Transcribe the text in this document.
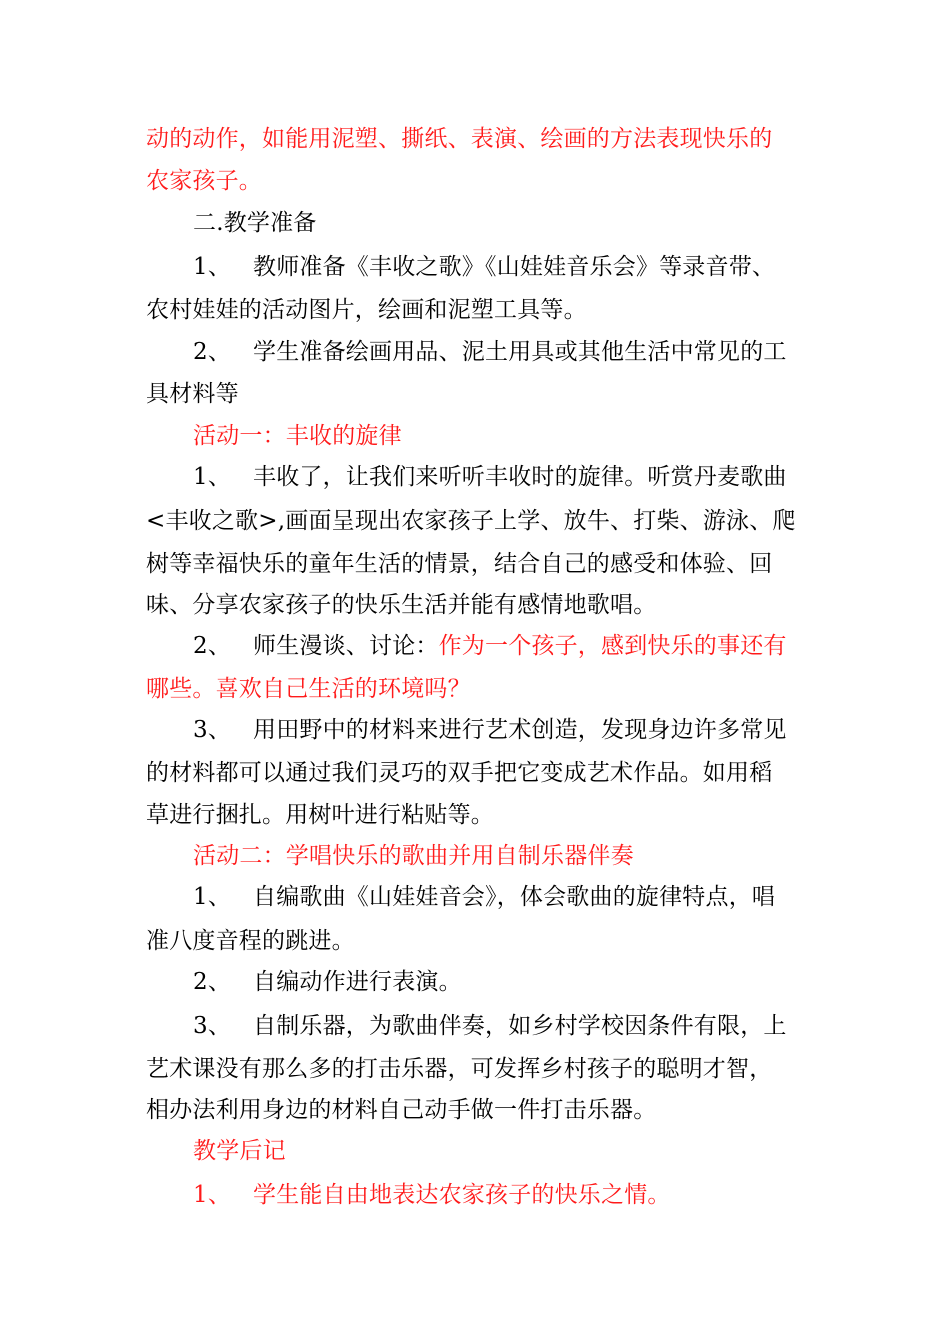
动的动作，如能用泥塑、撕纸、表演、绘画的方法表现快乐的
农家孩子。
二.教学准备
1、 教师准备《丰收之歌》《山娃娃音乐会》等录音带、
农村娃娃的活动图片，绘画和泥塑工具等。
2、 学生准备绘画用品、泥土用具或其他生活中常见的工
具材料等
活动一：丰收的旋律
1、 丰收了，让我们来听听丰收时的旋律。听赏丹麦歌曲
<丰收之歌>,画面呈现出农家孩子上学、放牛、打柴、游泳、爬
树等幸福快乐的童年生活的情景，结合自己的感受和体验、回
味、分享农家孩子的快乐生活并能有感情地歌唱。
2、 师生漫谈、讨论：作为一个孩子，感到快乐的事还有
哪些。喜欢自己生活的环境吗？
3、 用田野中的材料来进行艺术创造，发现身边许多常见
的材料都可以通过我们灵巧的双手把它变成艺术作品。如用稻
草进行捆扎。用树叶进行粘贴等。
活动二：学唱快乐的歌曲并用自制乐器伴奏
1、 自编歌曲《山娃娃音会》，体会歌曲的旋律特点，唱
准八度音程的跳进。
2、 自编动作进行表演。
3、 自制乐器，为歌曲伴奏，如乡村学校因条件有限，上
艺术课没有那么多的打击乐器，可发挥乡村孩子的聪明才智，
相办法利用身边的材料自己动手做一件打击乐器。
教学后记
1、 学生能自由地表达农家孩子的快乐之情。
